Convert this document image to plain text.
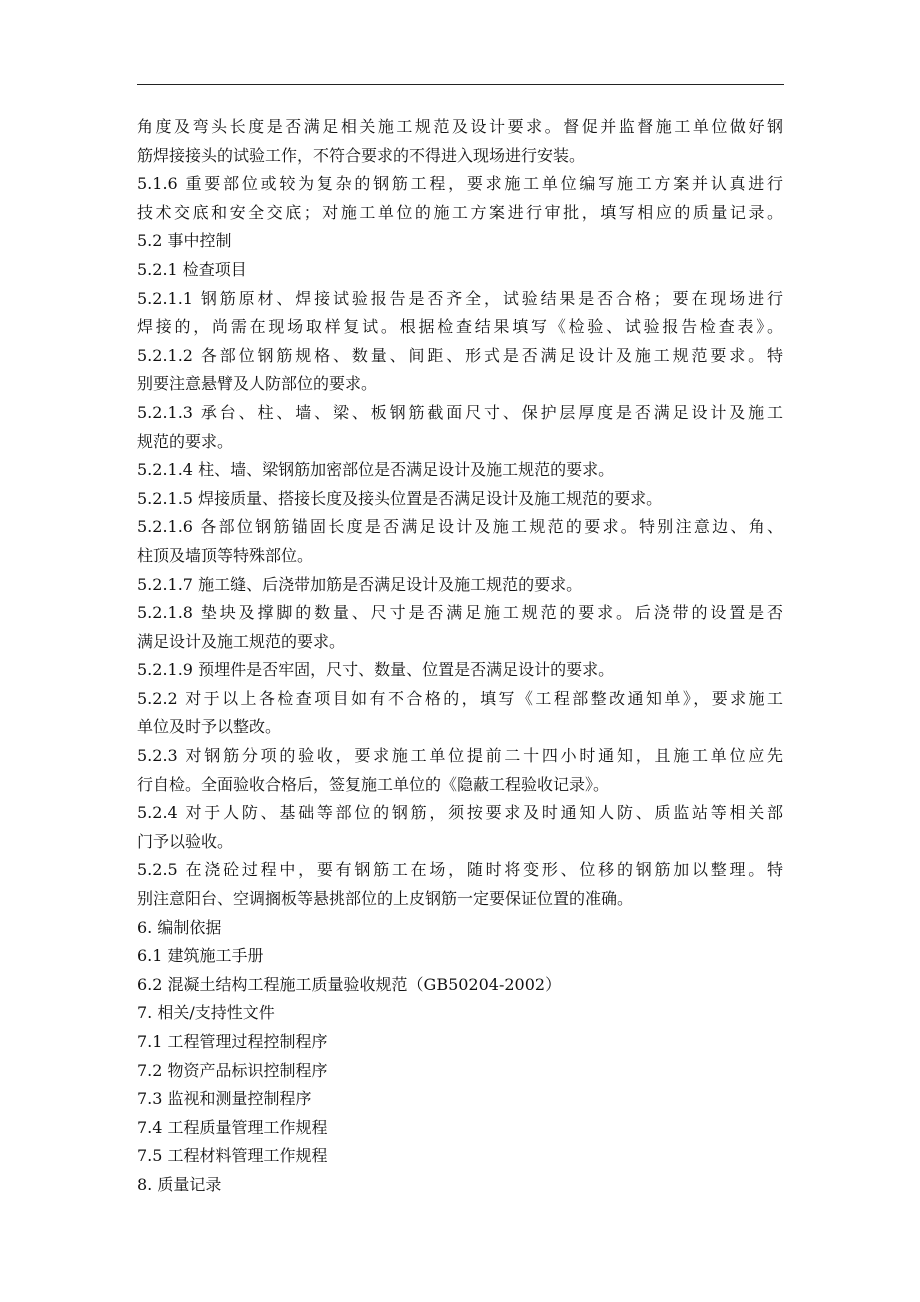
角度及弯头长度是否满足相关施工规范及设计要求。督促并监督施工单位做好钢
筋焊接接头的试验工作，不符合要求的不得进入现场进行安装。
5.1.6 重要部位或较为复杂的钢筋工程，要求施工单位编写施工方案并认真进行
技术交底和安全交底；对施工单位的施工方案进行审批，填写相应的质量记录。
5.2 事中控制
5.2.1 检查项目
5.2.1.1 钢筋原材、焊接试验报告是否齐全，试验结果是否合格；要在现场进行
焊接的，尚需在现场取样复试。根据检查结果填写《检验、试验报告检查表》。
5.2.1.2 各部位钢筋规格、数量、间距、形式是否满足设计及施工规范要求。特
别要注意悬臂及人防部位的要求。
5.2.1.3 承台、柱、墙、梁、板钢筋截面尺寸、保护层厚度是否满足设计及施工
规范的要求。
5.2.1.4 柱、墙、梁钢筋加密部位是否满足设计及施工规范的要求。
5.2.1.5 焊接质量、搭接长度及接头位置是否满足设计及施工规范的要求。
5.2.1.6 各部位钢筋锚固长度是否满足设计及施工规范的要求。特别注意边、角、
柱顶及墙顶等特殊部位。
5.2.1.7 施工缝、后浇带加筋是否满足设计及施工规范的要求。
5.2.1.8 垫块及撑脚的数量、尺寸是否满足施工规范的要求。后浇带的设置是否
满足设计及施工规范的要求。
5.2.1.9 预埋件是否牢固，尺寸、数量、位置是否满足设计的要求。
5.2.2 对于以上各检查项目如有不合格的，填写《工程部整改通知单》，要求施工
单位及时予以整改。
5.2.3 对钢筋分项的验收，要求施工单位提前二十四小时通知，且施工单位应先
行自检。全面验收合格后，签复施工单位的《隐蔽工程验收记录》。
5.2.4 对于人防、基础等部位的钢筋，须按要求及时通知人防、质监站等相关部
门予以验收。
5.2.5 在浇砼过程中，要有钢筋工在场，随时将变形、位移的钢筋加以整理。特
别注意阳台、空调搁板等悬挑部位的上皮钢筋一定要保证位置的准确。
6. 编制依据
6.1 建筑施工手册
6.2 混凝土结构工程施工质量验收规范（GB50204-2002）
7. 相关/支持性文件
7.1 工程管理过程控制程序
7.2 物资产品标识控制程序
7.3 监视和测量控制程序
7.4 工程质量管理工作规程
7.5 工程材料管理工作规程
8. 质量记录
